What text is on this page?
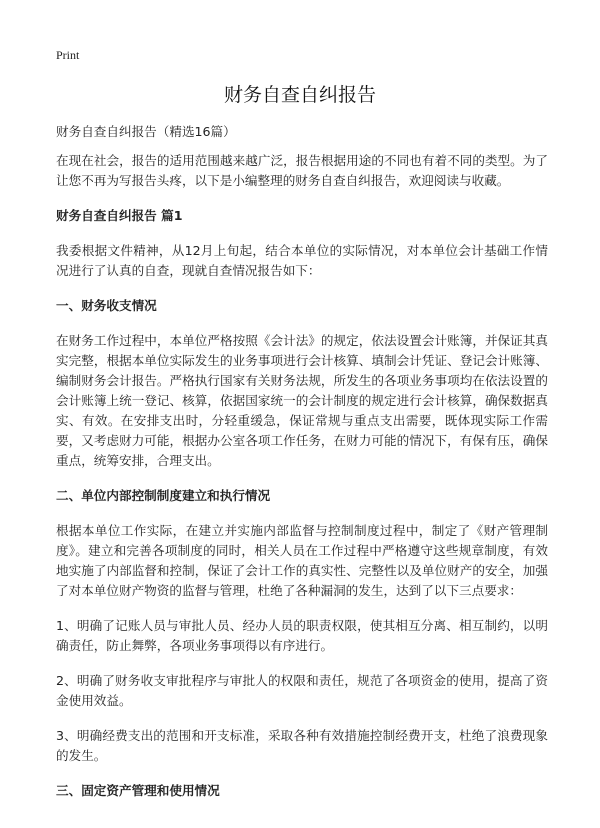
Print
财务自查自纠报告

财务自查自纠报告（精选16篇）

在现在社会，报告的适用范围越来越广泛，报告根据用途的不同也有着不同的类型。为了让您不再为写报告头疼，以下是小编整理的财务自查自纠报告，欢迎阅读与收藏。

财务自查自纠报告 篇1

我委根据文件精神，从12月上旬起，结合本单位的实际情况，对本单位会计基础工作情况进行了认真的自查，现就自查情况报告如下：

一、财务收支情况

在财务工作过程中，本单位严格按照《会计法》的规定，依法设置会计账簿，并保证其真实完整，根据本单位实际发生的业务事项进行会计核算、填制会计凭证、登记会计账簿、编制财务会计报告。严格执行国家有关财务法规，所发生的各项业务事项均在依法设置的会计账簿上统一登记、核算，依据国家统一的会计制度的规定进行会计核算，确保数据真实、有效。在安排支出时，分轻重缓急，保证常规与重点支出需要，既体现实际工作需要，又考虑财力可能，根据办公室各项工作任务，在财力可能的情况下，有保有压，确保重点，统筹安排，合理支出。

二、单位内部控制制度建立和执行情况

根据本单位工作实际，在建立并实施内部监督与控制制度过程中，制定了《财产管理制度》。建立和完善各项制度的同时，相关人员在工作过程中严格遵守这些规章制度，有效地实施了内部监督和控制，保证了会计工作的真实性、完整性以及单位财产的安全，加强了对本单位财产物资的监督与管理，杜绝了各种漏洞的发生，达到了以下三点要求：

1、明确了记账人员与审批人员、经办人员的职责权限，使其相互分离、相互制约，以明确责任，防止舞弊，各项业务事项得以有序进行。

2、明确了财务收支审批程序与审批人的权限和责任，规范了各项资金的使用，提高了资金使用效益。

3、明确经费支出的范围和开支标准，采取各种有效措施控制经费开支，杜绝了浪费现象的发生。

三、固定资产管理和使用情况
